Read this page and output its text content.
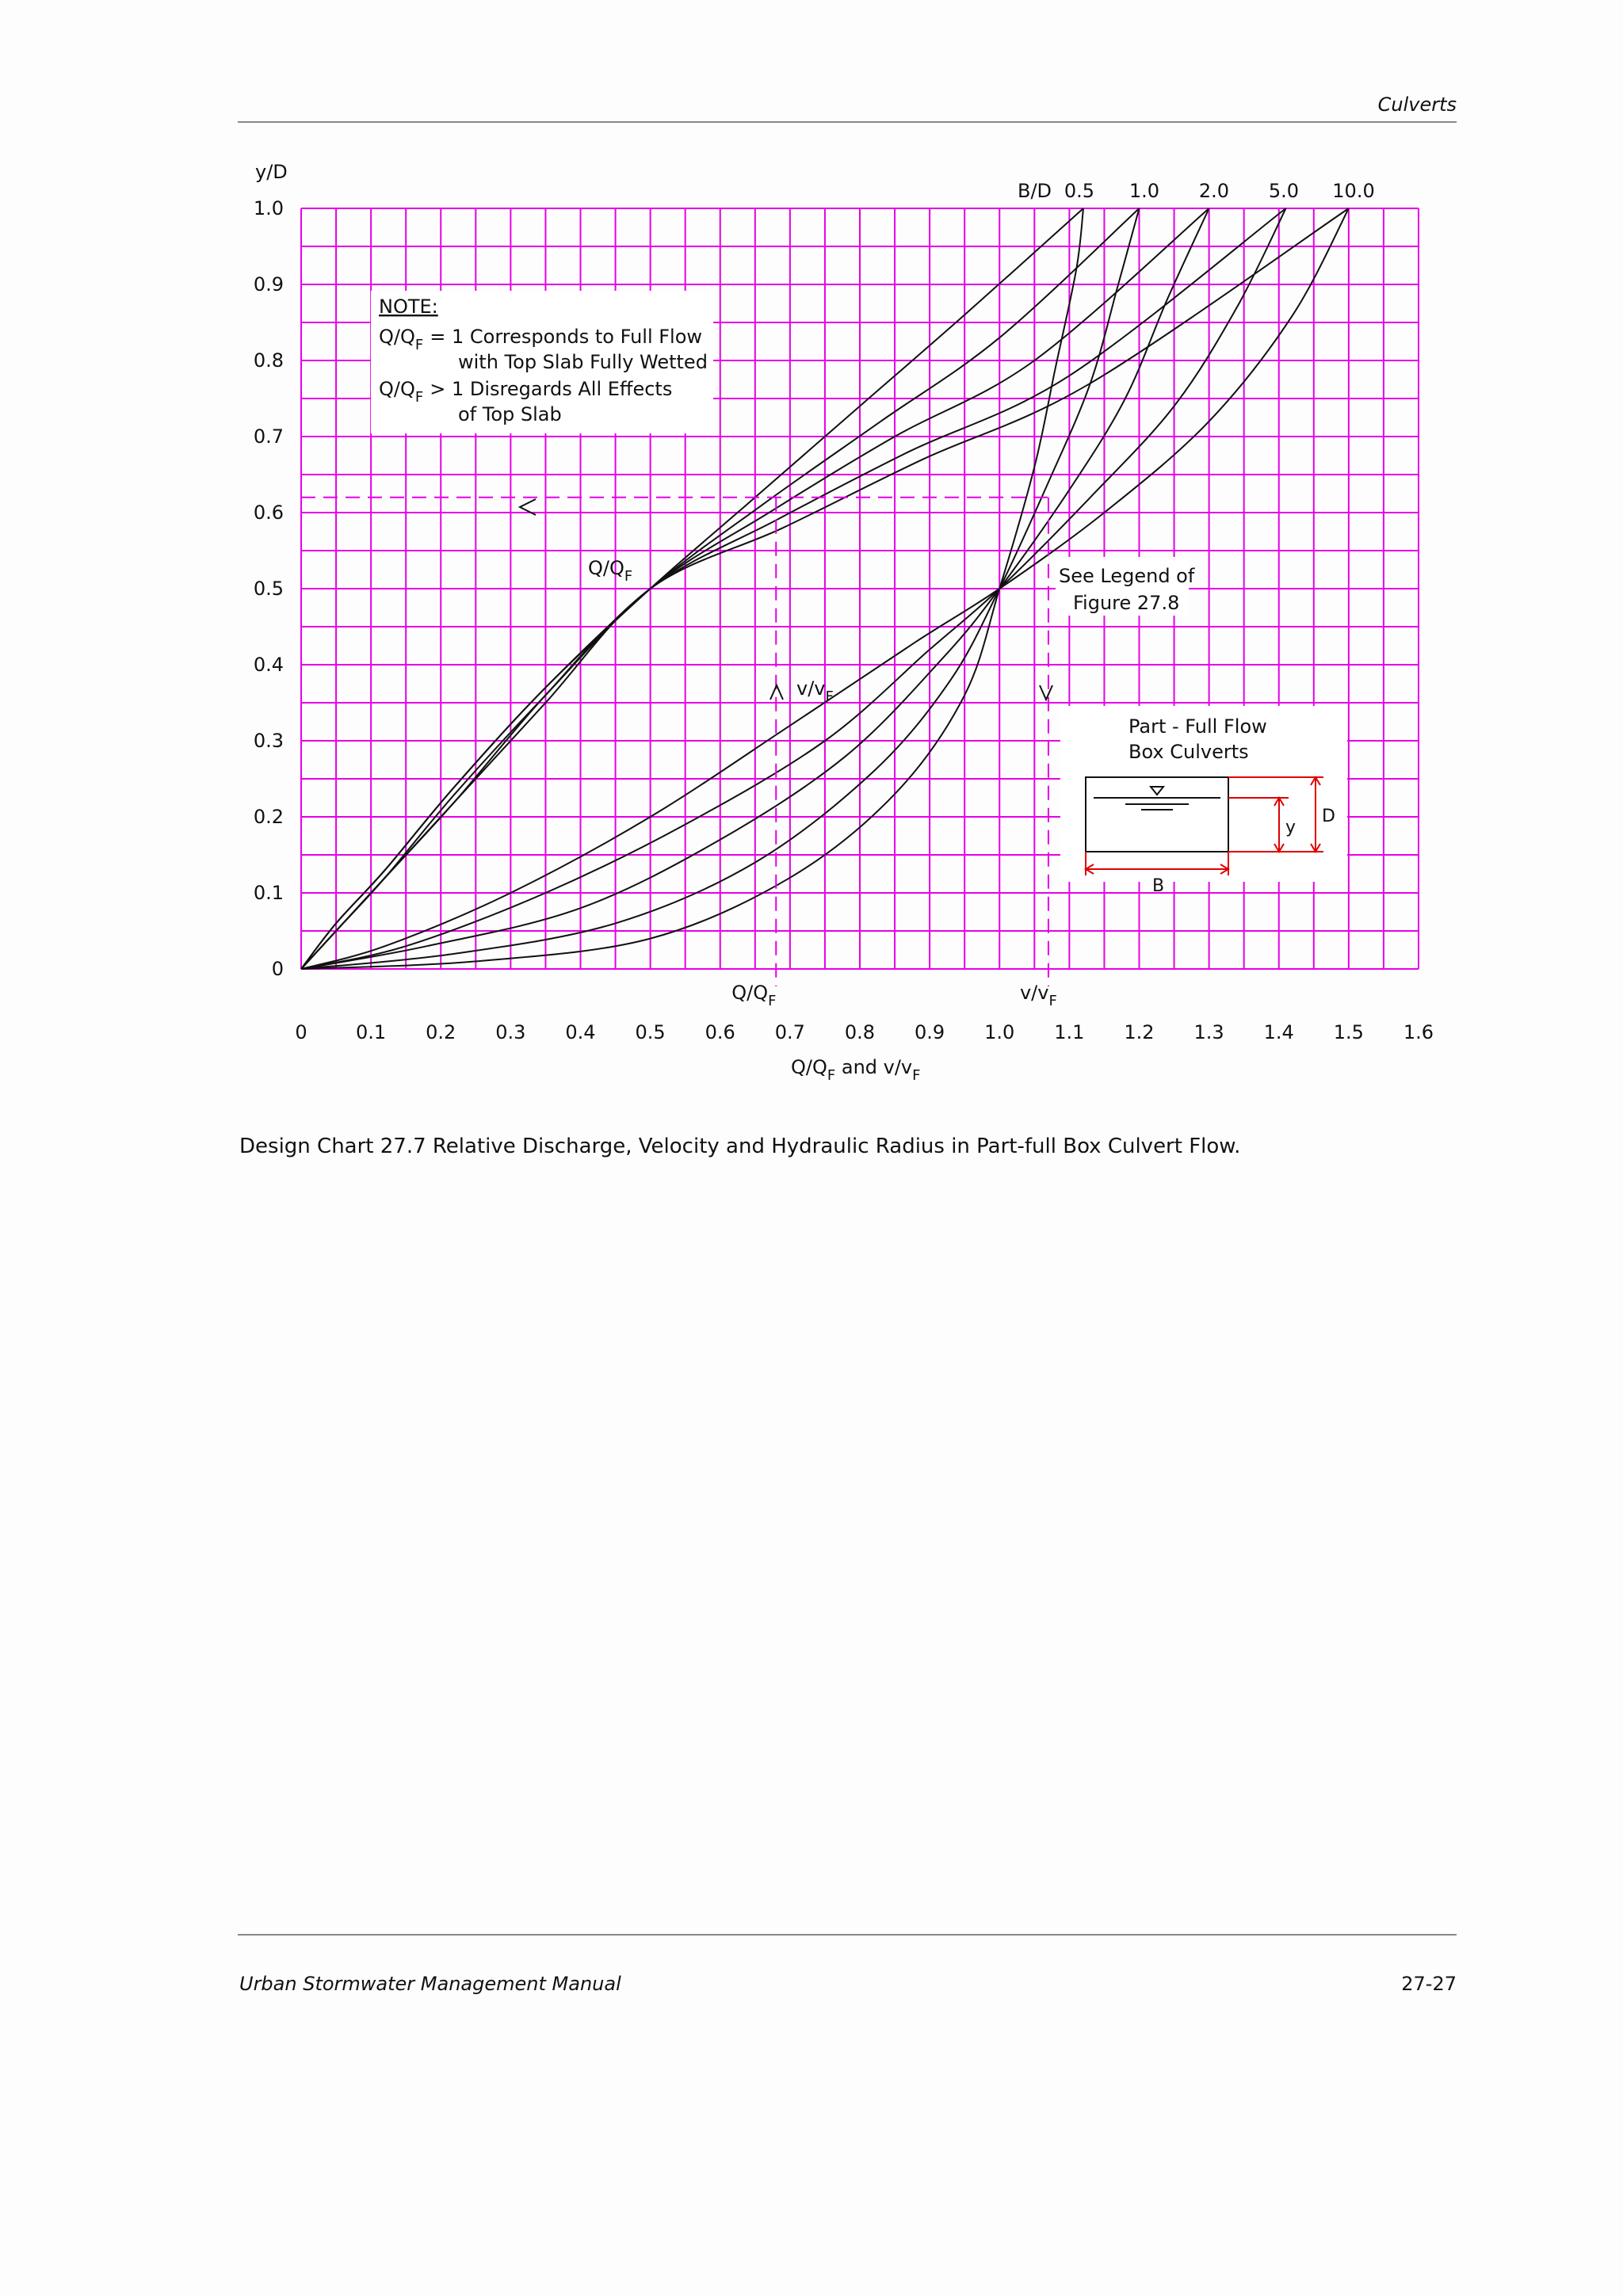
Culverts
$Q/Q_F$	$v/v_F$
0	0.1 0.2 0.3 0.4 0.5 0.6 0.7 0.8 0.9 1.0 1.1 1.2 1.3 1.4 1.5 1.6
0
0.1
0.2
0.3
0.4
0.5
0.6
0.7
0.8
0.9
1.0
y/D
B/D 0.5 1.0 2.0 5.0 10.0
NOTE:
$Q/Q_F = 1$ Corresponds to Full Flow
with Top Slab Fully Wetted
$Q/Q_F > 1$ Disregards All Effects
of Top Slab
$Q/Q_F$
$v/v_F$
See Legend of
Figure 27.8
Part - Full Flow
Box Culverts
y
D
B
$Q/Q_F$ and $v/v_F$
Design Chart 27.7 Relative Discharge, Velocity and Hydraulic Radius in Part-full Box Culvert Flow.
Urban Stormwater Management Manual	27-27
